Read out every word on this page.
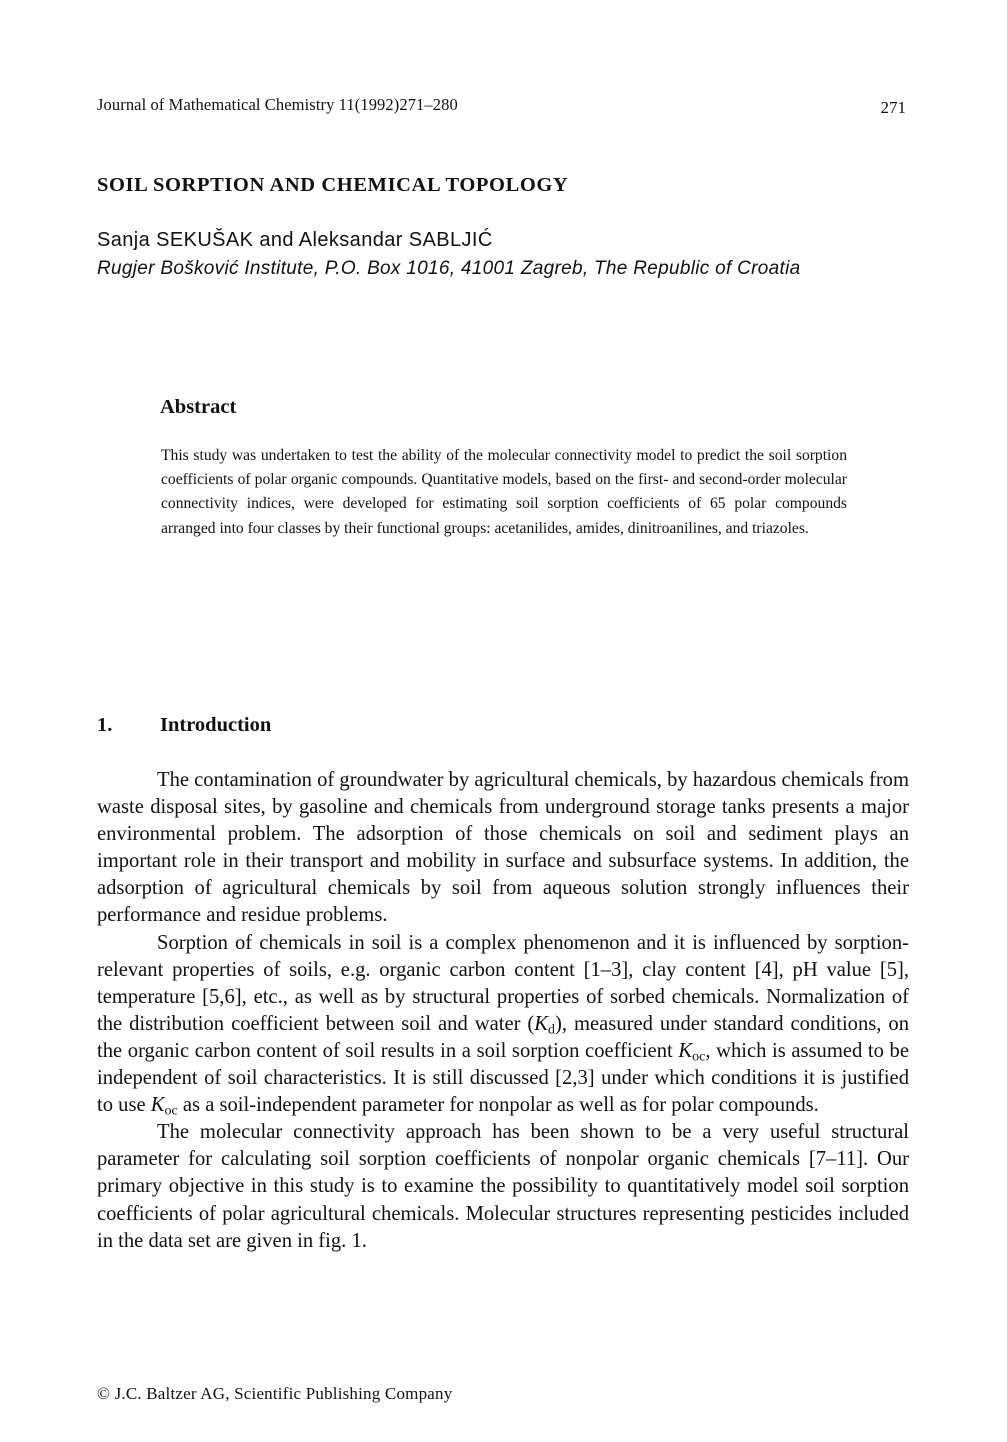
Journal of Mathematical Chemistry 11(1992)271–280	271
SOIL SORPTION AND CHEMICAL TOPOLOGY
Sanja SEKUŠAK and Aleksandar SABLJIĆ
Rugjer Bošković Institute, P.O. Box 1016, 41001 Zagreb, The Republic of Croatia
Abstract

This study was undertaken to test the ability of the molecular connectivity model to predict the soil sorption coefficients of polar organic compounds. Quantitative models, based on the first- and second-order molecular connectivity indices, were developed for estimating soil sorption coefficients of 65 polar compounds arranged into four classes by their functional groups: acetanilides, amides, dinitroanilines, and triazoles.

1. Introduction

The contamination of groundwater by agricultural chemicals, by hazardous chemicals from waste disposal sites, by gasoline and chemicals from underground storage tanks presents a major environmental problem. The adsorption of those chemicals on soil and sediment plays an important role in their transport and mobility in surface and subsurface systems. In addition, the adsorption of agricultural chemicals by soil from aqueous solution strongly influences their performance and residue problems.

Sorption of chemicals in soil is a complex phenomenon and it is influenced by sorption-relevant properties of soils, e.g. organic carbon content [1–3], clay content [4], pH value [5], temperature [5,6], etc., as well as by structural properties of sorbed chemicals. Normalization of the distribution coefficient between soil and water $(K_d)$, measured under standard conditions, on the organic carbon content of soil results in a soil sorption coefficient $K_{oc}$, which is assumed to be independent of soil characteristics. It is still discussed [2,3] under which conditions it is justified to use $K_{oc}$ as a soil-independent parameter for nonpolar as well as for polar compounds.

The molecular connectivity approach has been shown to be a very useful structural parameter for calculating soil sorption coefficients of nonpolar organic chemicals [7–11]. Our primary objective in this study is to examine the possibility to quantitatively model soil sorption coefficients of polar agricultural chemicals. Molecular structures representing pesticides included in the data set are given in fig. 1.

© J.C. Baltzer AG, Scientific Publishing Company
